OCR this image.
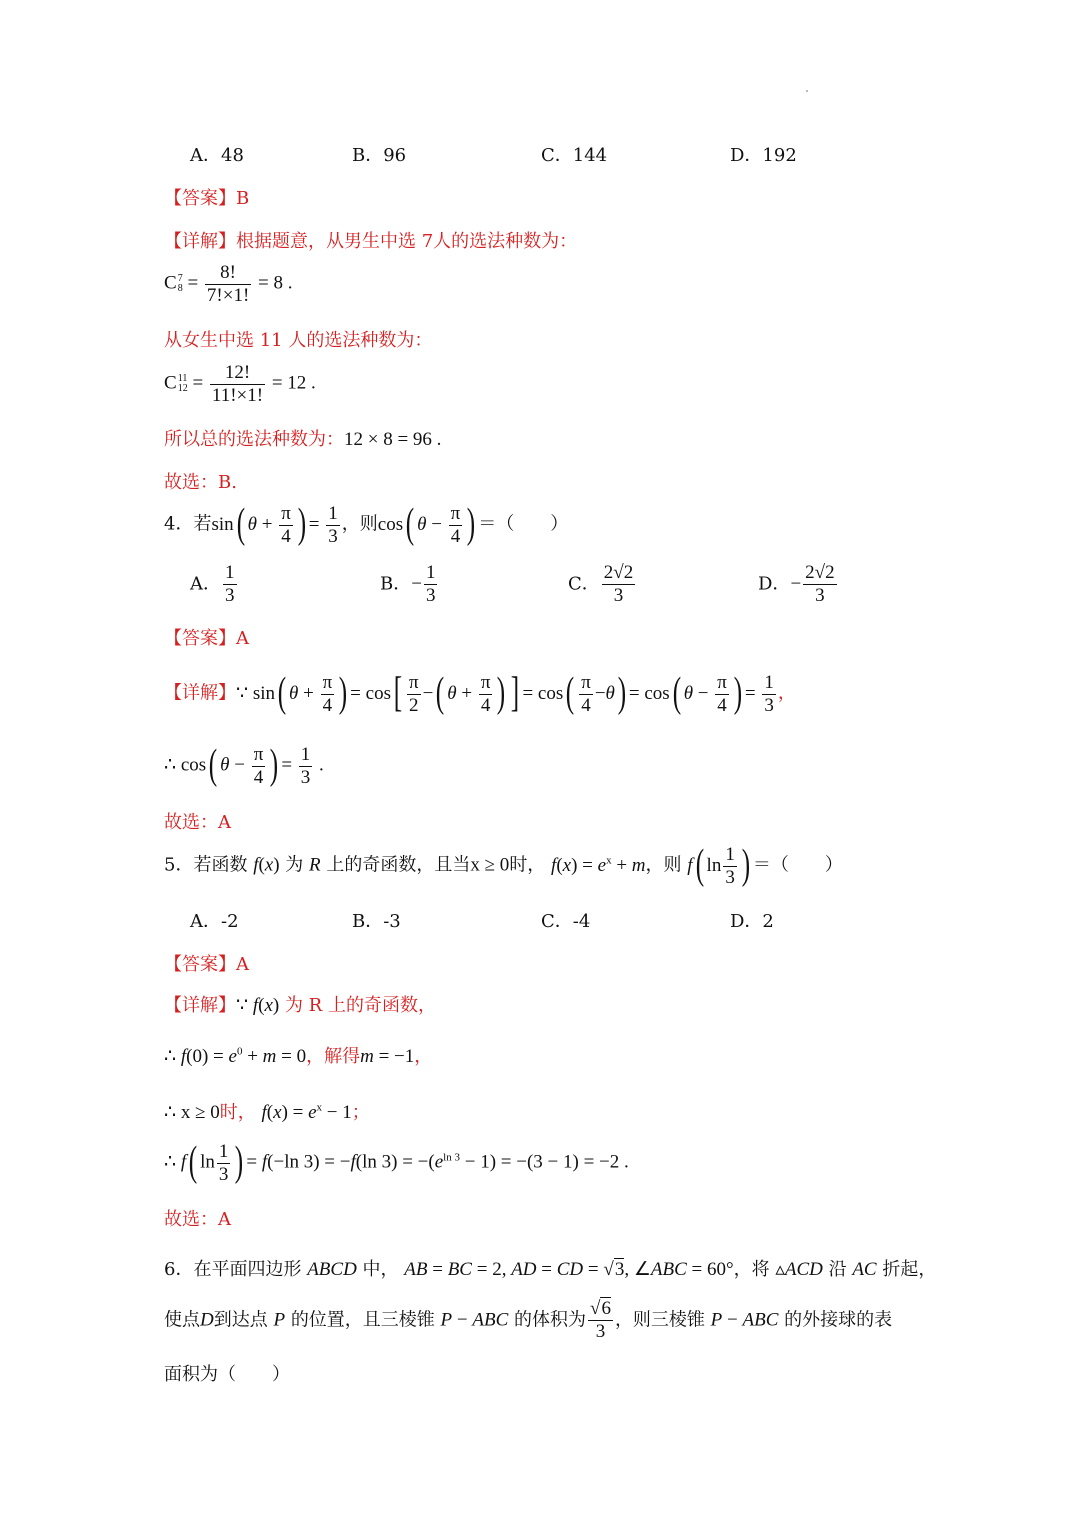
A．48	B．96	C．144	D．192
【答案】B
【详解】根据题意，从男生中选 7人的选法种数为：
C 7
$8 = \frac{8!}{7!\times 1!} = 8$ .
从女生中选 11 人的选法种数为：
C 11
$12 = \frac{12!}{11!\times 1!} = 12$ .
所以总的选法种数为：12 × 8 = 96 .
故选：B.
4．若sin( $\theta + \frac{\pi}{4}$ ) = $\frac{1}{3}$ ，则cos( $\theta - \frac{\pi}{4}$ ) ＝（　　）
A． $\frac{1}{3}$	B．− $\frac{1}{3}$	C． $\frac{2√2}{3}$	D．− $\frac{2√2}{3}$
【答案】A
【详解】∵ sin( $\theta + \frac{\pi}{4}$ ) = $\cos[ \frac{\pi}{2}$ −( $\theta + \frac{\pi}{4}$ ) ] = $\cos( \frac{\pi}{4} -\theta) = \cos$( $\theta - \frac{\pi}{4}$ ) = $\frac{1}{3}$ ，
∴ cos( $\theta - \frac{\pi}{4}$ ) = $\frac{1}{3}$ .
故选：A
5．若函数 f(x) 为 R 上的奇函数，且当x ≥ 0时， $f(x) = e^x + m$，则 f( $\ln \frac{1}{3}$ ) ＝（　　）
A．-2	B．-3	C．-4	D．2
【答案】A
【详解】∵ f(x) 为 R 上的奇函数，
∴ $f(0) = e^0 + m = 0$，解得m = −1，
∴ x ≥ 0时， $f(x) = e^x - 1$；
∴ f( $\ln \frac{1}{3}$ ) = f(−ln 3) = −f(ln $3) = -(e^{ln 3} - 1) = -(3 - 1) = -2$ .
故选：A
6．在平面四边形 ABCD 中， AB = BC = 2, AD = CD = √3, ∠ABC = 60°，将 ▵ACD 沿 AC 折起，
使点D到达点 P 的位置，且三棱锥 P − ABC 的体积为 $\frac{√6}{3}$ ，则三棱锥 P − ABC 的外接球的表
面积为（　　）
